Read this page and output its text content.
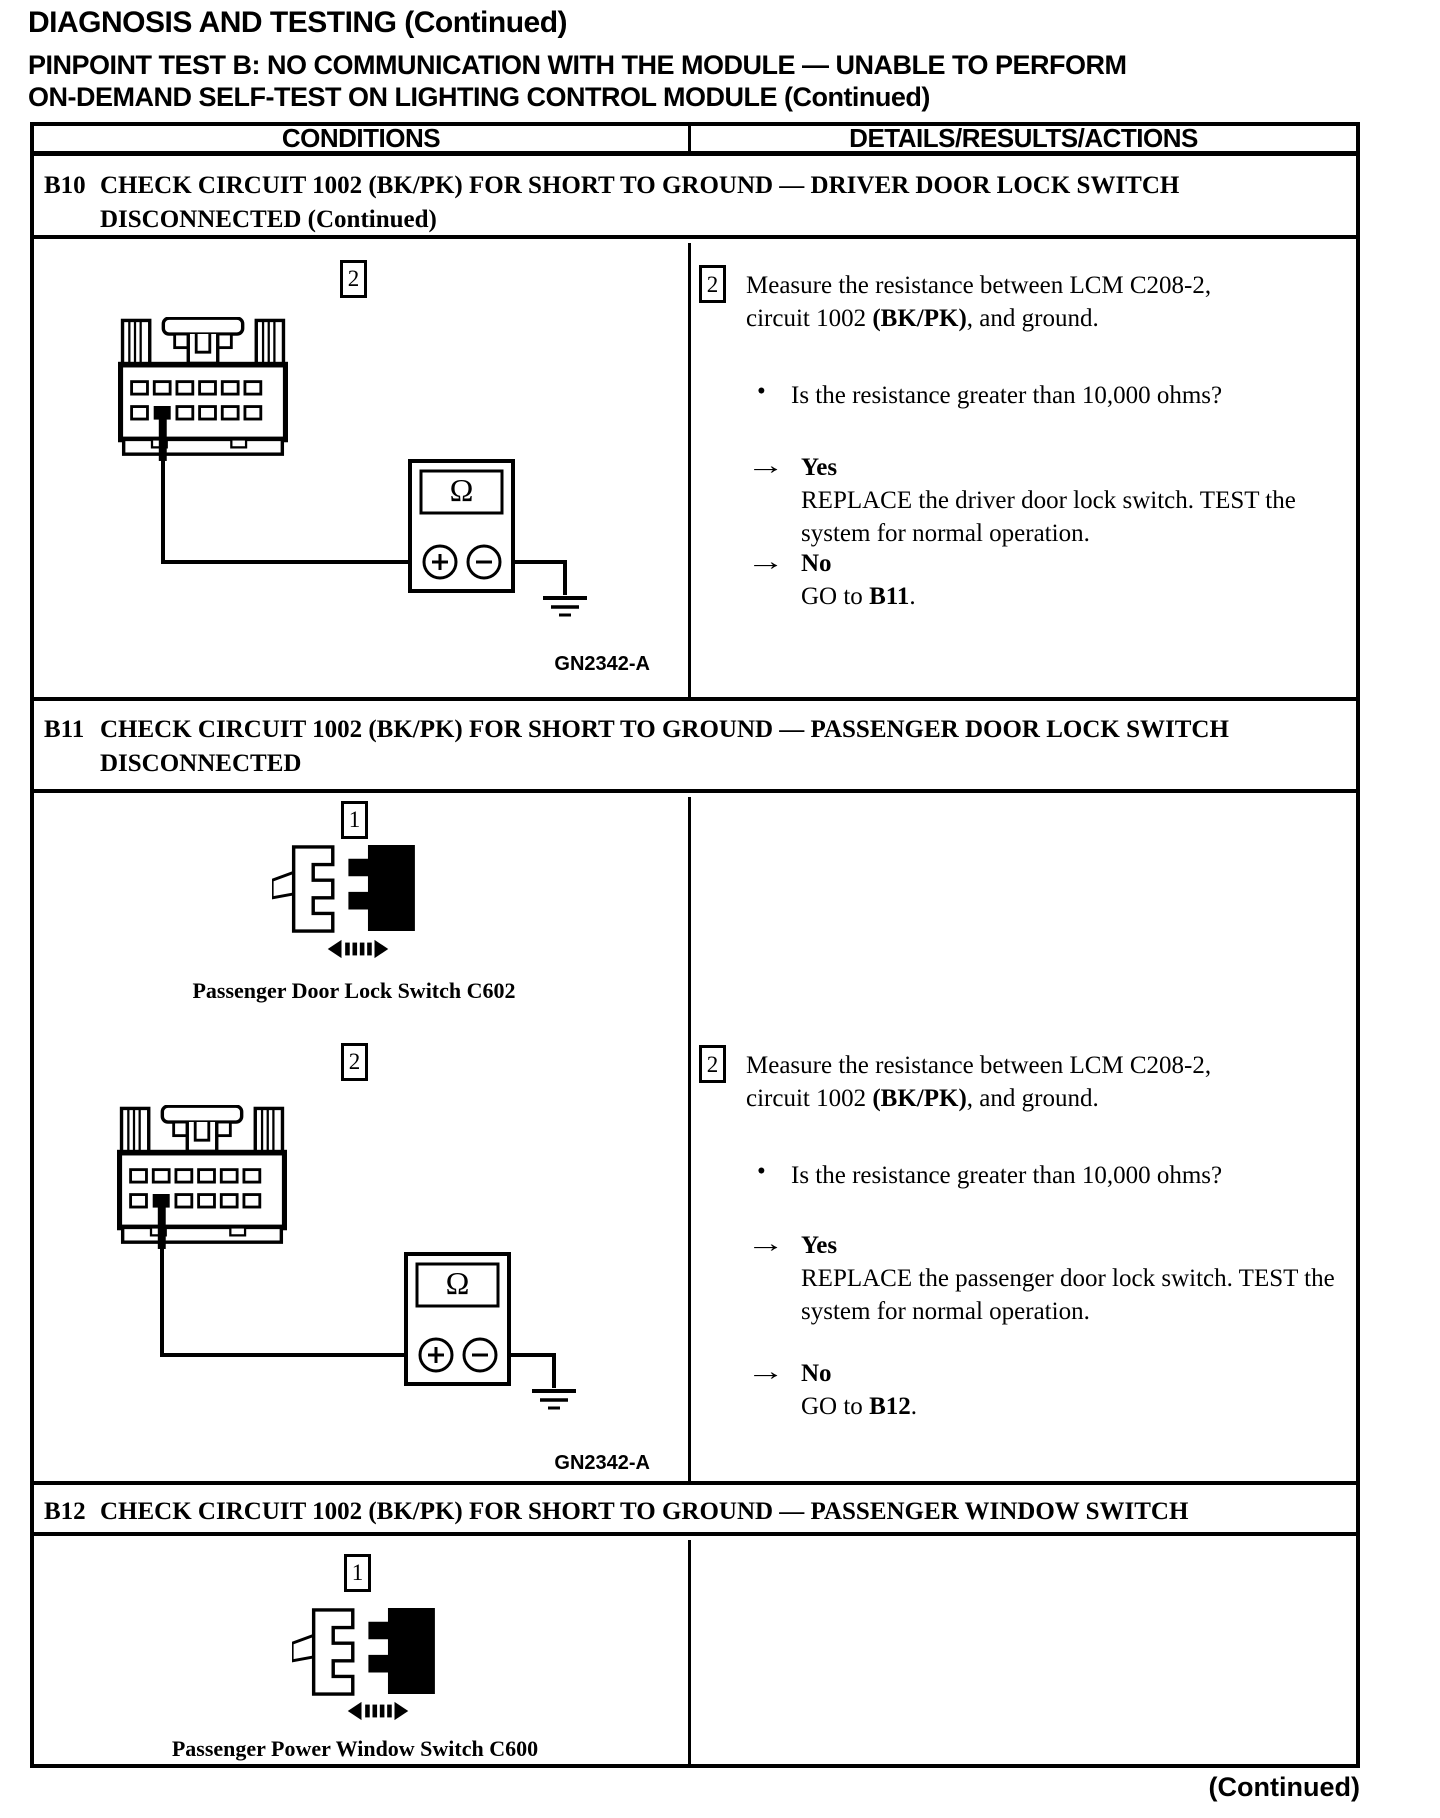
DIAGNOSIS AND TESTING (Continued)
PINPOINT TEST B: NO COMMUNICATION WITH THE MODULE — UNABLE TO PERFORM
ON-DEMAND SELF-TEST ON LIGHTING CONTROL MODULE (Continued)
CONDITIONS	DETAILS/RESULTS/ACTIONS
B10 CHECK CIRCUIT 1002 (BK/PK) FOR SHORT TO GROUND — DRIVER DOOR LOCK SWITCH DISCONNECTED (Continued)
2
Ω
GN2342-A
2	Measure the resistance between LCM C208-2,
circuit 1002 (BK/PK), and ground.
• Is the resistance greater than 10,000 ohms?
→ Yes
REPLACE the driver door lock switch. TEST the system for normal operation.
→ No
GO to B11.
B11 CHECK CIRCUIT 1002 (BK/PK) FOR SHORT TO GROUND — PASSENGER DOOR LOCK SWITCH DISCONNECTED
1
Passenger Door Lock Switch C602
2
Ω
GN2342-A
2	Measure the resistance between LCM C208-2,
circuit 1002 (BK/PK), and ground.
• Is the resistance greater than 10,000 ohms?
→ Yes
REPLACE the passenger door lock switch. TEST the system for normal operation.
→ No
GO to B12.
B12 CHECK CIRCUIT 1002 (BK/PK) FOR SHORT TO GROUND — PASSENGER WINDOW SWITCH
1
Passenger Power Window Switch C600
(Continued)
